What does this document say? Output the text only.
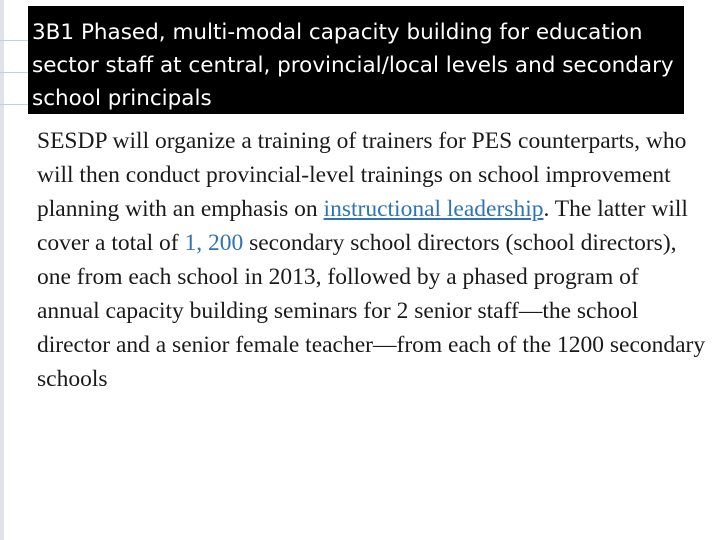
3B1 Phased, multi-modal capacity building for education sector staff at central, provincial/local levels and secondary school principals

SESDP will organize a training of trainers for PES counterparts, who will then conduct provincial-level trainings on school improvement planning with an emphasis on instructional leadership. The latter will cover a total of 1, 200 secondary school directors (school directors), one from each school in 2013, followed by a phased program of annual capacity building seminars for 2 senior staff—the school director and a senior female teacher—from each of the 1200 secondary schools
